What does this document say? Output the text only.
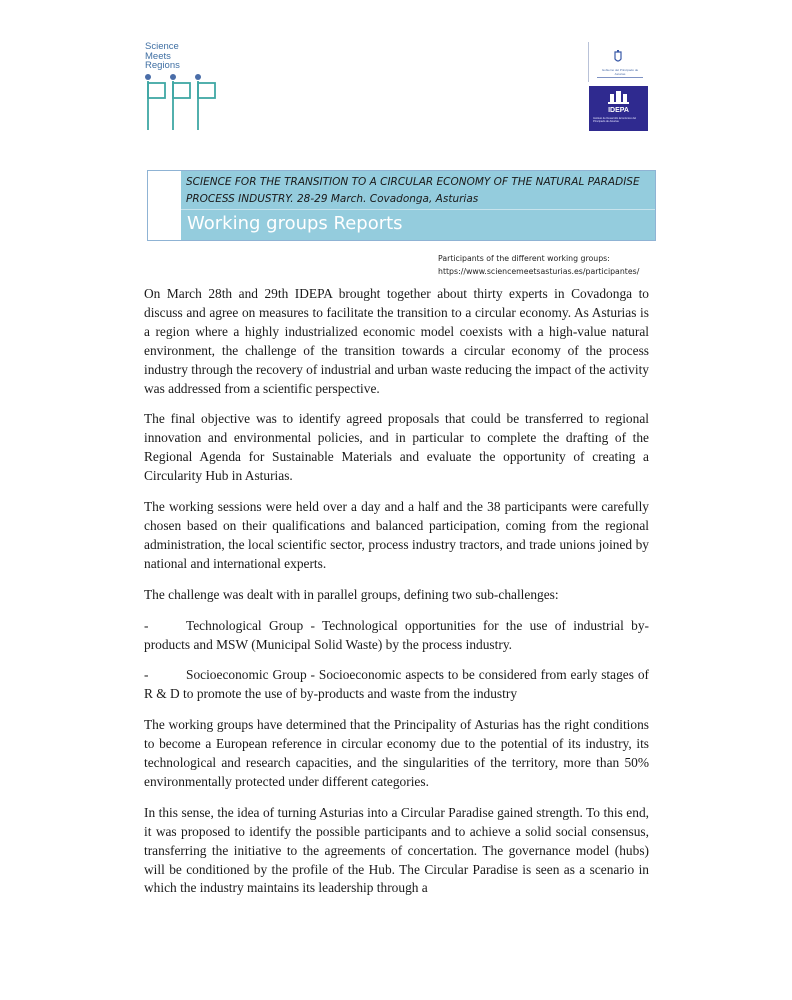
Science
Meets
Regions	Gobierno del Principado de Asturias
IDEPA
Instituto de Desarrollo Económico del Principado de Asturias
SCIENCE FOR THE TRANSITION TO A CIRCULAR ECONOMY OF THE NATURAL PARADISE PROCESS INDUSTRY. 28-29 March. Covadonga, Asturias
Working groups Reports
Participants of the different working groups:
https://www.sciencemeetsasturias.es/participantes/

On March 28th and 29th IDEPA brought together about thirty experts in Covadonga to discuss and agree on measures to facilitate the transition to a circular economy. As Asturias is a region where a highly industrialized economic model coexists with a high-value natural environment, the challenge of the transition towards a circular economy of the process industry through the recovery of industrial and urban waste reducing the impact of the activity was addressed from a scientific perspective.

The final objective was to identify agreed proposals that could be transferred to regional innovation and environmental policies, and in particular to complete the drafting of the Regional Agenda for Sustainable Materials and evaluate the opportunity of creating a Circularity Hub in Asturias.

The working sessions were held over a day and a half and the 38 participants were carefully chosen based on their qualifications and balanced participation, coming from the regional administration, the local scientific sector, process industry tractors, and trade unions joined by national and international experts.

The challenge was dealt with in parallel groups, defining two sub-challenges:

-	Technological Group - Technological opportunities for the use of industrial by-products and MSW (Municipal Solid Waste) by the process industry.

-	Socioeconomic Group - Socioeconomic aspects to be considered from early stages of R & D to promote the use of by-products and waste from the industry

The working groups have determined that the Principality of Asturias has the right conditions to become a European reference in circular economy due to the potential of its industry, its technological and research capacities, and the singularities of the territory, more than 50% environmentally protected under different categories.

In this sense, the idea of turning Asturias into a Circular Paradise gained strength. To this end, it was proposed to identify the possible participants and to achieve a solid social consensus, transferring the initiative to the agreements of concertation. The governance model (hubs) will be conditioned by the profile of the Hub. The Circular Paradise is seen as a scenario in which the industry maintains its leadership through a
